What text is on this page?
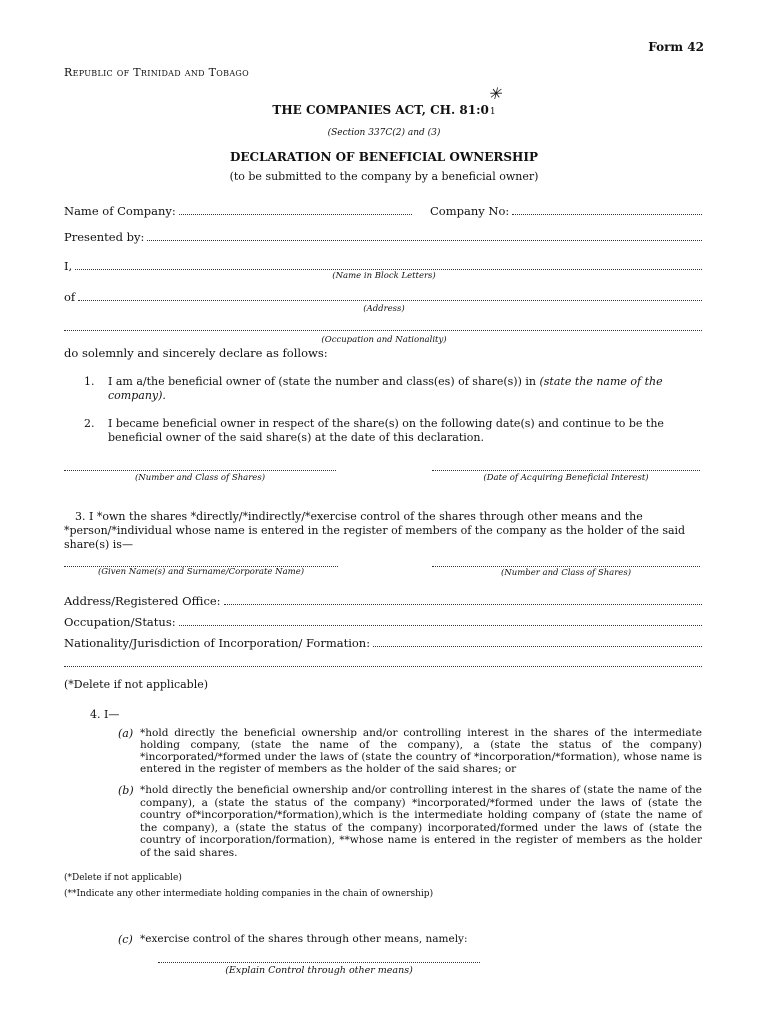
Form 42
Republic of Trinidad and Tobago
✳
THE COMPANIES ACT, CH. 81:01
(Section 337C(2) and (3)
DECLARATION OF BENEFICIAL OWNERSHIP
(to be submitted to the company by a beneficial owner)
Name of Company:	Company No:
Presented by:
I,
(Name in Block Letters)
of
(Address)
(Occupation and Nationality)
do solemnly and sincerely declare as follows:
1. I am a/the beneficial owner of (state the number and class(es) of share(s)) in (state the name of the company).
2. I became beneficial owner in respect of the share(s) on the following date(s) and continue to be the beneficial owner of the said share(s) at the date of this declaration.
(Number and Class of Shares)	(Date of Acquiring Beneficial Interest)
3. I *own the shares *directly/*indirectly/*exercise control of the shares through other means and the *person/*individual whose name is entered in the register of members of the company as the holder of the said share(s) is—
(Given Name(s) and Surname/Corporate Name)	(Number and Class of Shares)
Address/Registered Office:
Occupation/Status:
Nationality/Jurisdiction of Incorporation/ Formation:
(*Delete if not applicable)
4. I—
(a) *hold directly the beneficial ownership and/or controlling interest in the shares of the intermediate holding company, (state the name of the company), a (state the status of the company) *incorporated/*formed under the laws of (state the country of *incorporation/*formation), whose name is entered in the register of members as the holder of the said shares; or
(b) *hold directly the beneficial ownership and/or controlling interest in the shares of (state the name of the company), a (state the status of the company) *incorporated/*formed under the laws of (state the country of*incorporation/*formation),which is the intermediate holding company of (state the name of the company), a (state the status of the company) incorporated/formed under the laws of (state the country of incorporation/formation), **whose name is entered in the register of members as the holder of the said shares.
(*Delete if not applicable)
(**Indicate any other intermediate holding companies in the chain of ownership)
(c) *exercise control of the shares through other means, namely:
(Explain Control through other means)
